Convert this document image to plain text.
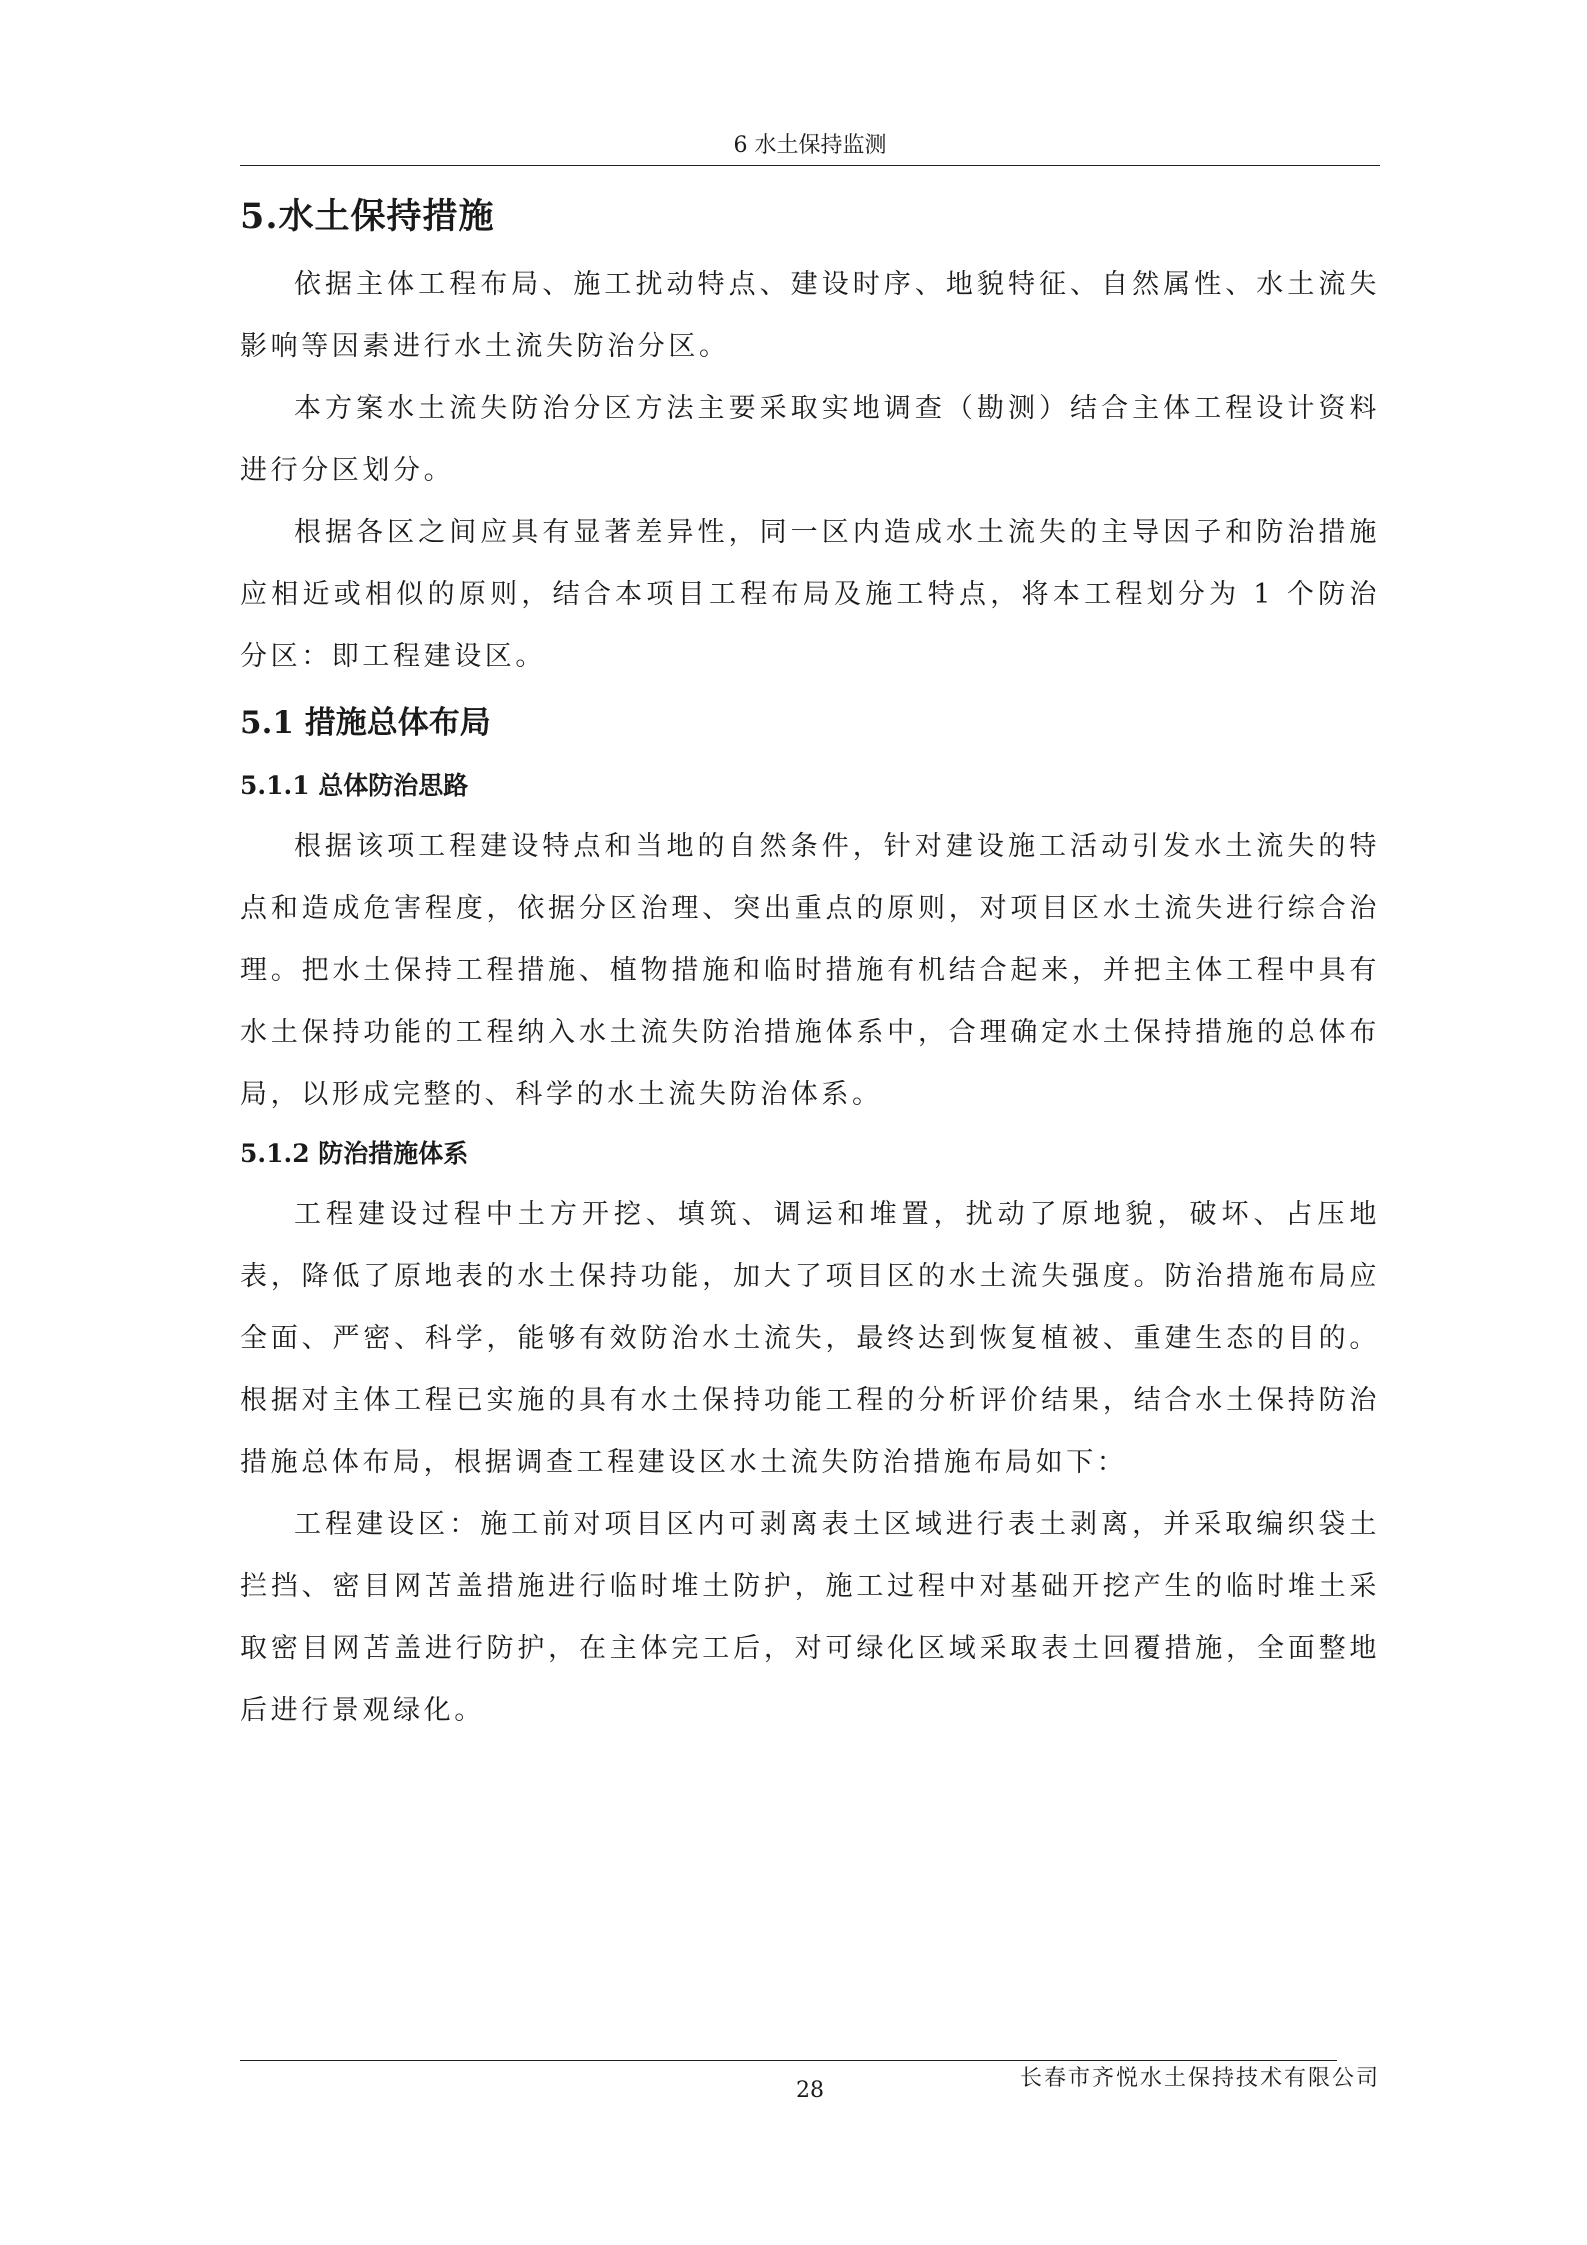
6 水土保持监测
5.水土保持措施

依据主体工程布局、施工扰动特点、建设时序、地貌特征、自然属性、水土流失影响等因素进行水土流失防治分区。

本方案水土流失防治分区方法主要采取实地调查（勘测）结合主体工程设计资料进行分区划分。

根据各区之间应具有显著差异性，同一区内造成水土流失的主导因子和防治措施应相近或相似的原则，结合本项目工程布局及施工特点，将本工程划分为 1 个防治分区：即工程建设区。

5.1 措施总体布局
5.1.1 总体防治思路

根据该项工程建设特点和当地的自然条件，针对建设施工活动引发水土流失的特点和造成危害程度，依据分区治理、突出重点的原则，对项目区水土流失进行综合治理。把水土保持工程措施、植物措施和临时措施有机结合起来，并把主体工程中具有水土保持功能的工程纳入水土流失防治措施体系中，合理确定水土保持措施的总体布局，以形成完整的、科学的水土流失防治体系。

5.1.2 防治措施体系

工程建设过程中土方开挖、填筑、调运和堆置，扰动了原地貌，破坏、占压地表，降低了原地表的水土保持功能，加大了项目区的水土流失强度。防治措施布局应全面、严密、科学，能够有效防治水土流失，最终达到恢复植被、重建生态的目的。根据对主体工程已实施的具有水土保持功能工程的分析评价结果，结合水土保持防治措施总体布局，根据调查工程建设区水土流失防治措施布局如下：

工程建设区：施工前对项目区内可剥离表土区域进行表土剥离，并采取编织袋土拦挡、密目网苫盖措施进行临时堆土防护，施工过程中对基础开挖产生的临时堆土采取密目网苫盖进行防护，在主体完工后，对可绿化区域采取表土回覆措施，全面整地后进行景观绿化。

长春市齐悦水土保持技术有限公司
28
